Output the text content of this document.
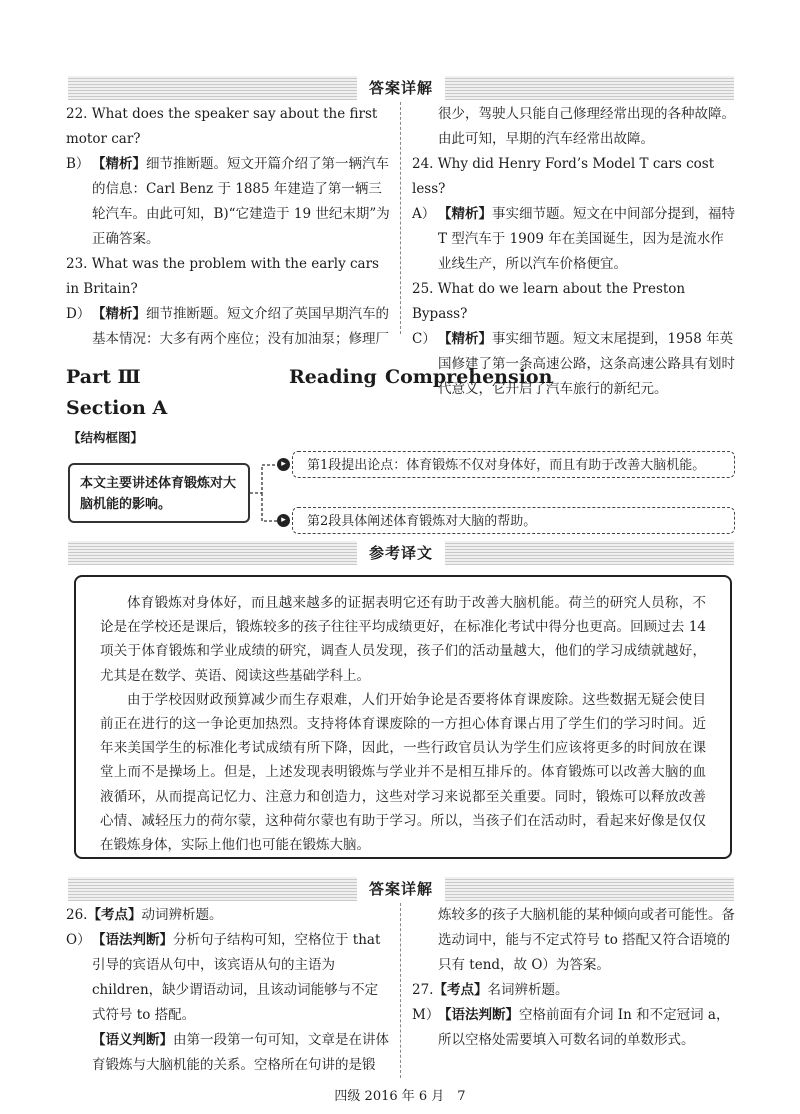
答案详解

22. What does the speaker say about the first motor car?

B） 【精析】细节推断题。短文开篇介绍了第一辆汽车的信息：Carl Benz 于 1885 年建造了第一辆三轮汽车。由此可知，B)“它建造于 19 世纪末期”为正确答案。

23. What was the problem with the early cars in Britain?

D） 【精析】细节推断题。短文介绍了英国早期汽车的基本情况：大多有两个座位；没有加油泵；修理厂

很少，驾驶人只能自己修理经常出现的各种故障。由此可知，早期的汽车经常出故障。

24. Why did Henry Ford’s Model T cars cost less?

A） 【精析】事实细节题。短文在中间部分提到，福特 T 型汽车于 1909 年在美国诞生，因为是流水作业线生产，所以汽车价格便宜。

25. What do we learn about the Preston Bypass?

C） 【精析】事实细节题。短文末尾提到，1958 年英国修建了第一条高速公路，这条高速公路具有划时代意义，它开启了汽车旅行的新纪元。

Part Ⅲ	Reading Comprehension
Section A
【结构框图】
本文主要讲述体育锻炼对大脑机能的影响。
▸
▸
第1段提出论点：体育锻炼不仅对身体好，而且有助于改善大脑机能。
第2段具体阐述体育锻炼对大脑的帮助。
参考译文

体育锻炼对身体好，而且越来越多的证据表明它还有助于改善大脑机能。荷兰的研究人员称，不论是在学校还是课后，锻炼较多的孩子往往平均成绩更好，在标准化考试中得分也更高。回顾过去 14 项关于体育锻炼和学业成绩的研究，调查人员发现，孩子们的活动量越大，他们的学习成绩就越好，尤其是在数学、英语、阅读这些基础学科上。

由于学校因财政预算减少而生存艰难，人们开始争论是否要将体育课废除。这些数据无疑会使目前正在进行的这一争论更加热烈。支持将体育课废除的一方担心体育课占用了学生们的学习时间。近年来美国学生的标准化考试成绩有所下降，因此，一些行政官员认为学生们应该将更多的时间放在课堂上而不是操场上。但是，上述发现表明锻炼与学业并不是相互排斥的。体育锻炼可以改善大脑的血液循环，从而提高记忆力、注意力和创造力，这些对学习来说都至关重要。同时，锻炼可以释放改善心情、减轻压力的荷尔蒙，这种荷尔蒙也有助于学习。所以，当孩子们在活动时，看起来好像是仅仅在锻炼身体，实际上他们也可能在锻炼大脑。

答案详解

26.【考点】动词辨析题。

O） 【语法判断】分析句子结构可知，空格位于 that 引导的宾语从句中，该宾语从句的主语为 children，缺少谓语动词，且该动词能够与不定式符号 to 搭配。

【语义判断】由第一段第一句可知，文章是在讲体育锻炼与大脑机能的关系。空格所在句讲的是锻

炼较多的孩子大脑机能的某种倾向或者可能性。备选动词中，能与不定式符号 to 搭配又符合语境的只有 tend，故 O）为答案。

27.【考点】名词辨析题。

M）
【语法判断】空格前面有介词 In 和不定冠词 a，所以空格处需要填入可数名词的单数形式。

四级 2016 年 6 月　7
